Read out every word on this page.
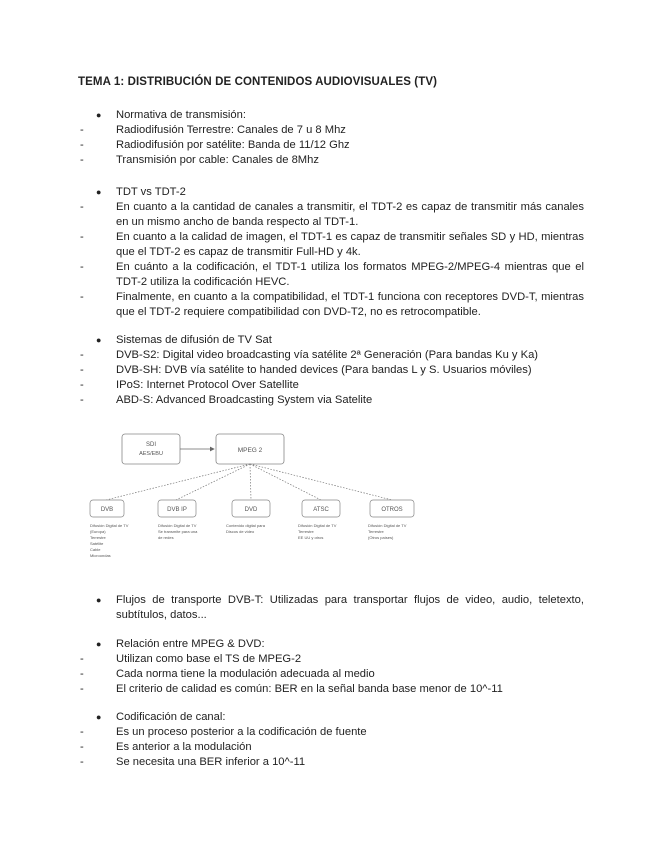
TEMA 1: DISTRIBUCIÓN DE CONTENIDOS AUDIOVISUALES (TV)
●	Normativa de transmisión:
-	Radiodifusión Terrestre: Canales de 7 u 8 Mhz
-	Radiodifusión por satélite: Banda de 11/12 Ghz
-	Transmisión por cable: Canales de 8Mhz
●	TDT vs TDT-2
-	En cuanto a la cantidad de canales a transmitir, el TDT-2 es capaz de transmitir más canales en un mismo ancho de banda respecto al TDT-1.
-	En cuanto a la calidad de imagen, el TDT-1 es capaz de transmitir señales SD y HD, mientras que el TDT-2 es capaz de transmitir Full-HD y 4k.
-	En cuánto a la codificación, el TDT-1 utiliza los formatos MPEG-2/MPEG-4 mientras que el TDT-2 utiliza la codificación HEVC.
-	Finalmente, en cuanto a la compatibilidad, el TDT-1 funciona con receptores DVD-T, mientras que el TDT-2 requiere compatibilidad con DVD-T2, no es retrocompatible.
●	Sistemas de difusión de TV Sat
-	DVB-S2: Digital video broadcasting vía satélite 2ª Generación (Para bandas Ku y Ka)
-	DVB-SH: DVB vía satélite to handed devices (Para bandas L y S. Usuarios móviles)
-	IPoS: Internet Protocol Over Satellite
-	ABD-S: Advanced Broadcasting System via Satelite
SDI
AES/EBU	MPEG 2
DVB
Difusión Digital de TV
(Europa)
Terrestre
Satélite
Cable
Microondas
DVB IP
Difusión Digital de TV
Se transmite para una
de redes
DVD
Contenido digital para
Discos de video
ATSC
Difusión Digital de TV
Terrestre
EE UU y otros
OTROS
Difusión Digital de TV
Terrestre
(Otros países)
●	Flujos de transporte DVB-T: Utilizadas para transportar flujos de video, audio, teletexto, subtítulos, datos...
●	Relación entre MPEG & DVD:
-	Utilizan como base el TS de MPEG-2
-	Cada norma tiene la modulación adecuada al medio
-	El criterio de calidad es común: BER en la señal banda base menor de 10^-11
●	Codificación de canal:
-	Es un proceso posterior a la codificación de fuente
-	Es anterior a la modulación
-	Se necesita una BER inferior a 10^-11
